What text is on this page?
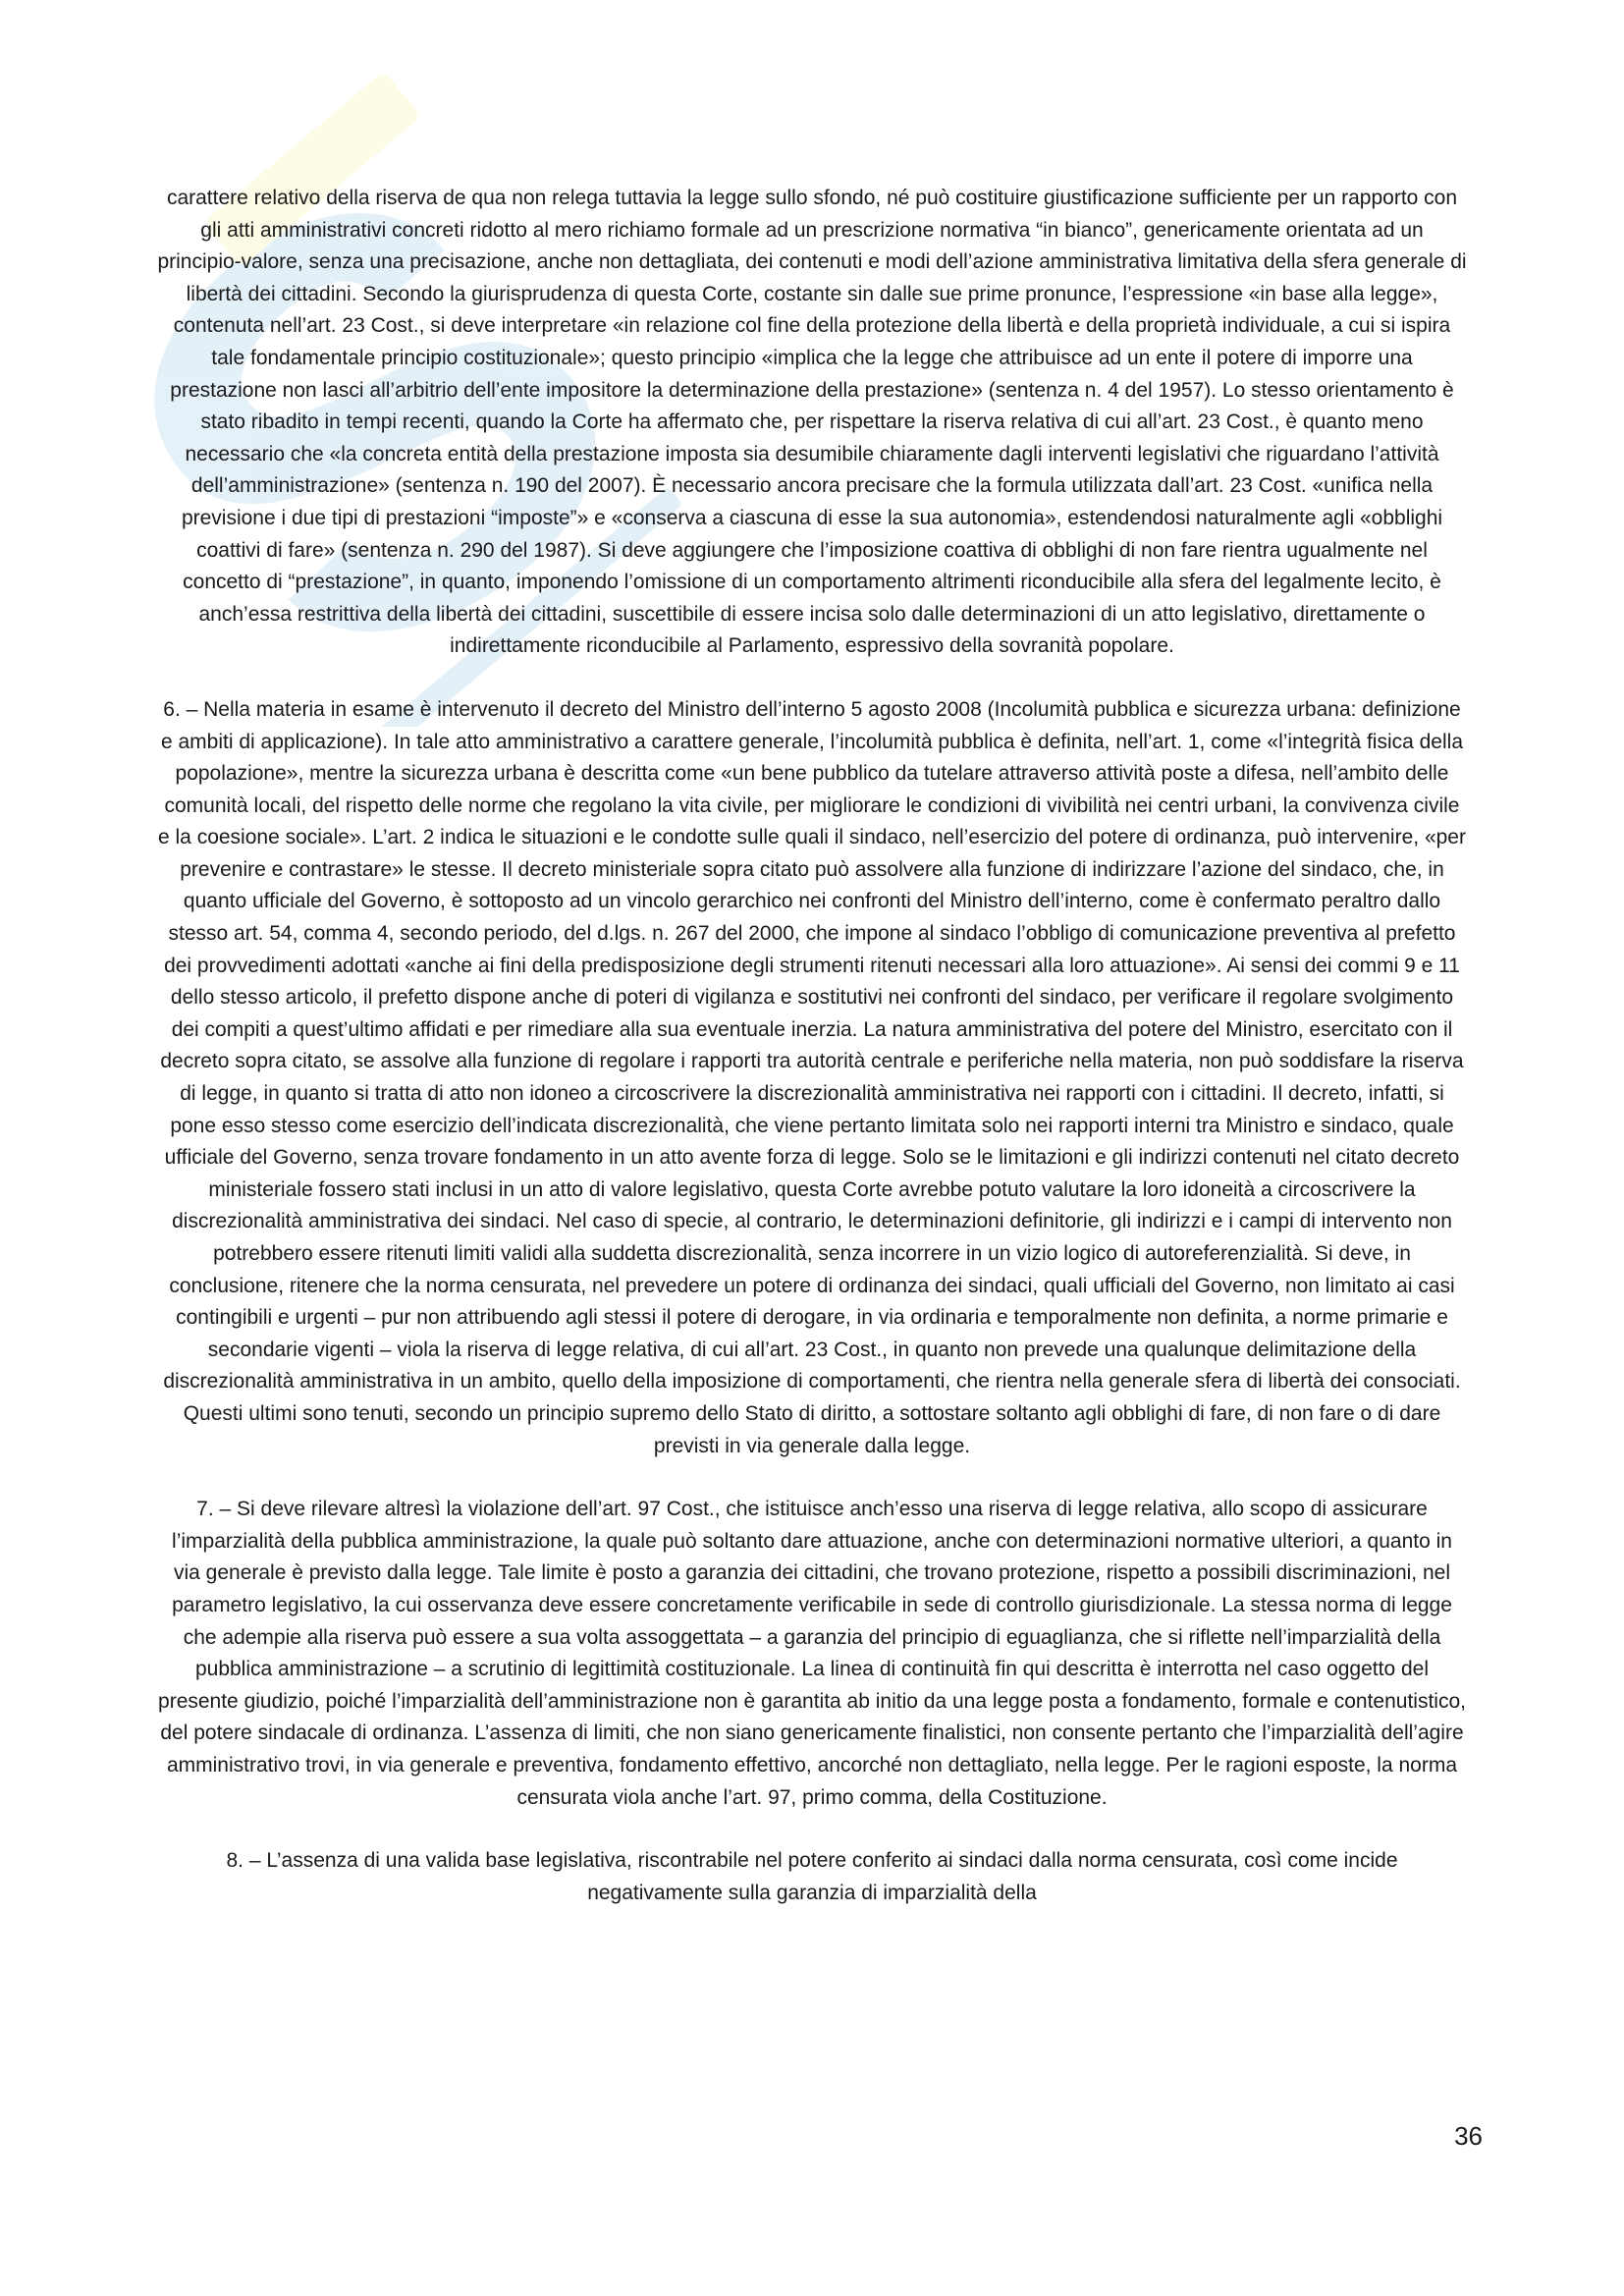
carattere relativo della riserva de qua non relega tuttavia la legge sullo sfondo, né può costituire giustificazione sufficiente per un rapporto con gli atti amministrativi concreti ridotto al mero richiamo formale ad un prescrizione normativa “in bianco”, genericamente orientata ad un principio-valore, senza una precisazione, anche non dettagliata, dei contenuti e modi dell’azione amministrativa limitativa della sfera generale di libertà dei cittadini. Secondo la giurisprudenza di questa Corte, costante sin dalle sue prime pronunce, l’espressione «in base alla legge», contenuta nell’art. 23 Cost., si deve interpretare «in relazione col fine della protezione della libertà e della proprietà individuale, a cui si ispira tale fondamentale principio costituzionale»; questo principio «implica che la legge che attribuisce ad un ente il potere di imporre una prestazione non lasci all’arbitrio dell’ente impositore la determinazione della prestazione» (sentenza n. 4 del 1957). Lo stesso orientamento è stato ribadito in tempi recenti, quando la Corte ha affermato che, per rispettare la riserva relativa di cui all’art. 23 Cost., è quanto meno necessario che «la concreta entità della prestazione imposta sia desumibile chiaramente dagli interventi legislativi che riguardano l’attività dell’amministrazione» (sentenza n. 190 del 2007). È necessario ancora precisare che la formula utilizzata dall’art. 23 Cost. «unifica nella previsione i due tipi di prestazioni “imposte”» e «conserva a ciascuna di esse la sua autonomia», estendendosi naturalmente agli «obblighi coattivi di fare» (sentenza n. 290 del 1987). Si deve aggiungere che l’imposizione coattiva di obblighi di non fare rientra ugualmente nel concetto di “prestazione”, in quanto, imponendo l’omissione di un comportamento altrimenti riconducibile alla sfera del legalmente lecito, è anch’essa restrittiva della libertà dei cittadini, suscettibile di essere incisa solo dalle determinazioni di un atto legislativo, direttamente o indirettamente riconducibile al Parlamento, espressivo della sovranità popolare.

6. – Nella materia in esame è intervenuto il decreto del Ministro dell’interno 5 agosto 2008 (Incolumità pubblica e sicurezza urbana: definizione e ambiti di applicazione). In tale atto amministrativo a carattere generale, l’incolumità pubblica è definita, nell’art. 1, come «l’integrità fisica della popolazione», mentre la sicurezza urbana è descritta come «un bene pubblico da tutelare attraverso attività poste a difesa, nell’ambito delle comunità locali, del rispetto delle norme che regolano la vita civile, per migliorare le condizioni di vivibilità nei centri urbani, la convivenza civile e la coesione sociale». L’art. 2 indica le situazioni e le condotte sulle quali il sindaco, nell’esercizio del potere di ordinanza, può intervenire, «per prevenire e contrastare» le stesse. Il decreto ministeriale sopra citato può assolvere alla funzione di indirizzare l’azione del sindaco, che, in quanto ufficiale del Governo, è sottoposto ad un vincolo gerarchico nei confronti del Ministro dell’interno, come è confermato peraltro dallo stesso art. 54, comma 4, secondo periodo, del d.lgs. n. 267 del 2000, che impone al sindaco l’obbligo di comunicazione preventiva al prefetto dei provvedimenti adottati «anche ai fini della predisposizione degli strumenti ritenuti necessari alla loro attuazione». Ai sensi dei commi 9 e 11 dello stesso articolo, il prefetto dispone anche di poteri di vigilanza e sostitutivi nei confronti del sindaco, per verificare il regolare svolgimento dei compiti a quest’ultimo affidati e per rimediare alla sua eventuale inerzia. La natura amministrativa del potere del Ministro, esercitato con il decreto sopra citato, se assolve alla funzione di regolare i rapporti tra autorità centrale e periferiche nella materia, non può soddisfare la riserva di legge, in quanto si tratta di atto non idoneo a circoscrivere la discrezionalità amministrativa nei rapporti con i cittadini. Il decreto, infatti, si pone esso stesso come esercizio dell’indicata discrezionalità, che viene pertanto limitata solo nei rapporti interni tra Ministro e sindaco, quale ufficiale del Governo, senza trovare fondamento in un atto avente forza di legge. Solo se le limitazioni e gli indirizzi contenuti nel citato decreto ministeriale fossero stati inclusi in un atto di valore legislativo, questa Corte avrebbe potuto valutare la loro idoneità a circoscrivere la discrezionalità amministrativa dei sindaci. Nel caso di specie, al contrario, le determinazioni definitorie, gli indirizzi e i campi di intervento non potrebbero essere ritenuti limiti validi alla suddetta discrezionalità, senza incorrere in un vizio logico di autoreferenzialità. Si deve, in conclusione, ritenere che la norma censurata, nel prevedere un potere di ordinanza dei sindaci, quali ufficiali del Governo, non limitato ai casi contingibili e urgenti – pur non attribuendo agli stessi il potere di derogare, in via ordinaria e temporalmente non definita, a norme primarie e secondarie vigenti – viola la riserva di legge relativa, di cui all’art. 23 Cost., in quanto non prevede una qualunque delimitazione della discrezionalità amministrativa in un ambito, quello della imposizione di comportamenti, che rientra nella generale sfera di libertà dei consociati. Questi ultimi sono tenuti, secondo un principio supremo dello Stato di diritto, a sottostare soltanto agli obblighi di fare, di non fare o di dare previsti in via generale dalla legge.

7. – Si deve rilevare altresì la violazione dell’art. 97 Cost., che istituisce anch’esso una riserva di legge relativa, allo scopo di assicurare l’imparzialità della pubblica amministrazione, la quale può soltanto dare attuazione, anche con determinazioni normative ulteriori, a quanto in via generale è previsto dalla legge. Tale limite è posto a garanzia dei cittadini, che trovano protezione, rispetto a possibili discriminazioni, nel parametro legislativo, la cui osservanza deve essere concretamente verificabile in sede di controllo giurisdizionale. La stessa norma di legge che adempie alla riserva può essere a sua volta assoggettata – a garanzia del principio di eguaglianza, che si riflette nell’imparzialità della pubblica amministrazione – a scrutinio di legittimità costituzionale. La linea di continuità fin qui descritta è interrotta nel caso oggetto del presente giudizio, poiché l’imparzialità dell’amministrazione non è garantita ab initio da una legge posta a fondamento, formale e contenutistico, del potere sindacale di ordinanza. L’assenza di limiti, che non siano genericamente finalistici, non consente pertanto che l’imparzialità dell’agire amministrativo trovi, in via generale e preventiva, fondamento effettivo, ancorché non dettagliato, nella legge. Per le ragioni esposte, la norma censurata viola anche l’art. 97, primo comma, della Costituzione.

8. – L’assenza di una valida base legislativa, riscontrabile nel potere conferito ai sindaci dalla norma censurata, così come incide negativamente sulla garanzia di imparzialità della

36
